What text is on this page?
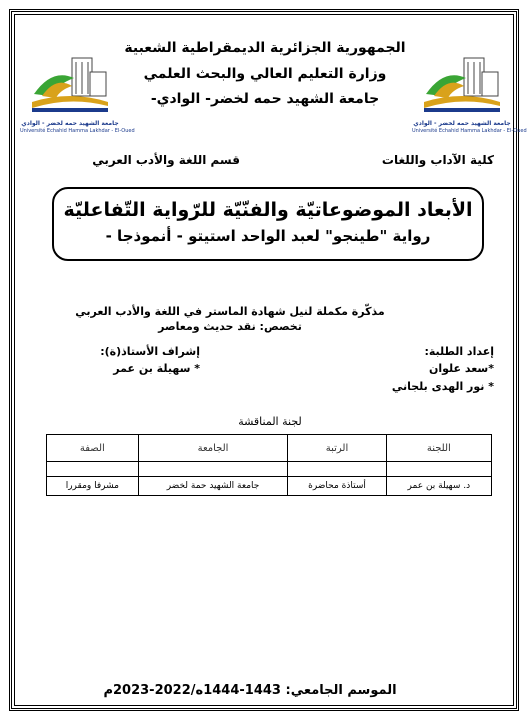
جامعة الشهيد حمه لخضر - الوادي
Université Echahid Hamma Lakhdar - El-Oued
جامعة الشهيد حمه لخضر - الوادي
Université Echahid Hamma Lakhdar - El-Oued
الجمهورية الجزائرية الديمقراطية الشعبية
وزارة التعليم العالي والبحث العلمي
جامعة الشهيد حمه لخضر- الوادي-
كلية الآداب واللغات
قسم اللغة والأدب العربي
الأبعاد الموضوعاتيّة والفنّيّة للرّواية التّفاعليّة
رواية "طينجو" لعبد الواحد استيتو - أنموذجا -
مذكّرة مكملة لنيل شهادة الماستر في اللغة والأدب العربي
تخصص: نقد حديث ومعاصر
إعداد الطلبة:
*سعد علوان
* نور الهدى بلجاني
إشراف الأستاذ(ة):
* سهيلة بن عمر
لجنة المناقشة
اللجنة	الرتبة	الجامعة	الصفة

د. سهيلة بن عمر	أستاذة محاضرة	جامعة الشهيد حمة لخضر	مشرفا ومقررا
الموسم الجامعي: 1443-1444ه/2022-2023م
